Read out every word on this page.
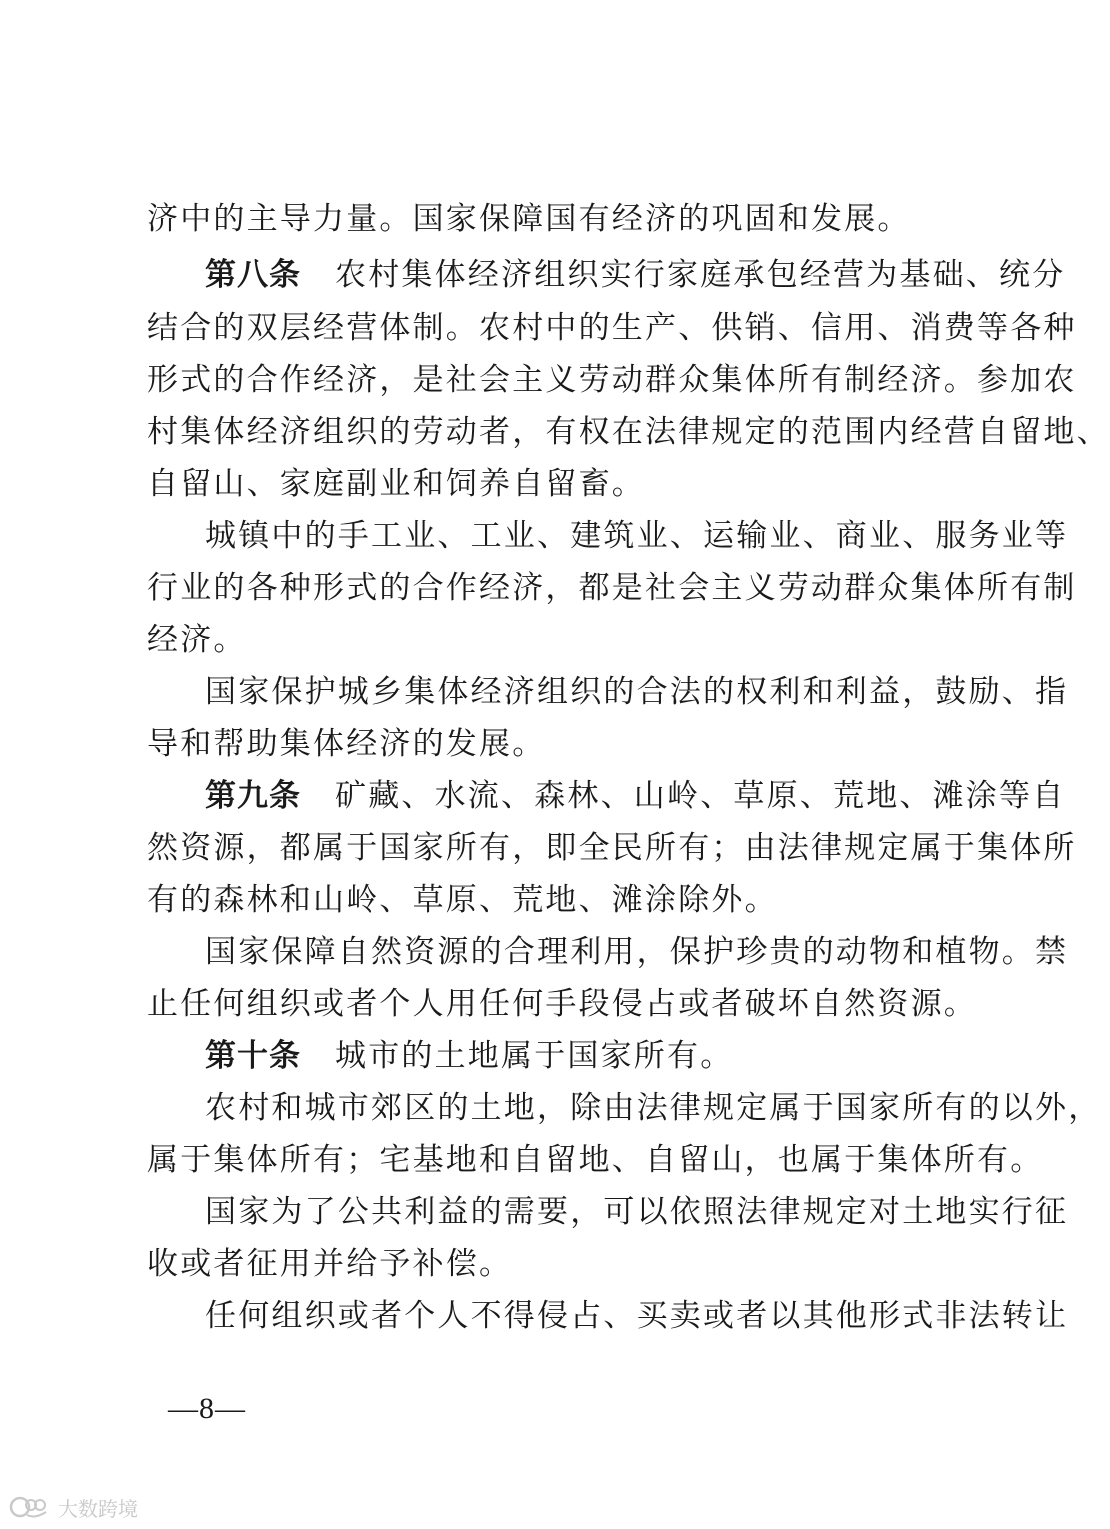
济中的主导力量。国家保障国有经济的巩固和发展。
第八条 农村集体经济组织实行家庭承包经营为基础、统分
结合的双层经营体制。农村中的生产、供销、信用、消费等各种
形式的合作经济，是社会主义劳动群众集体所有制经济。参加农
村集体经济组织的劳动者，有权在法律规定的范围内经营自留地、
自留山、家庭副业和饲养自留畜。
城镇中的手工业、工业、建筑业、运输业、商业、服务业等
行业的各种形式的合作经济，都是社会主义劳动群众集体所有制
经济。
国家保护城乡集体经济组织的合法的权利和利益，鼓励、指
导和帮助集体经济的发展。
第九条 矿藏、水流、森林、山岭、草原、荒地、滩涂等自
然资源，都属于国家所有，即全民所有；由法律规定属于集体所
有的森林和山岭、草原、荒地、滩涂除外。
国家保障自然资源的合理利用，保护珍贵的动物和植物。禁
止任何组织或者个人用任何手段侵占或者破坏自然资源。
第十条 城市的土地属于国家所有。
农村和城市郊区的土地，除由法律规定属于国家所有的以外，
属于集体所有；宅基地和自留地、自留山，也属于集体所有。
国家为了公共利益的需要，可以依照法律规定对土地实行征
收或者征用并给予补偿。
任何组织或者个人不得侵占、买卖或者以其他形式非法转让
—8—
大数跨境
